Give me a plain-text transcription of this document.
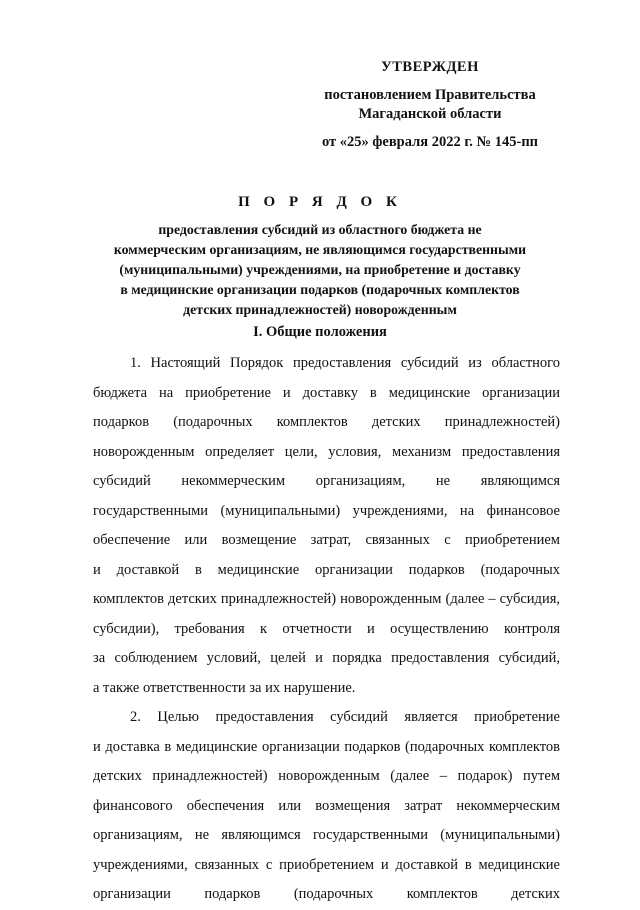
УТВЕРЖДЕН
постановлением Правительства
Магаданской области
от «25» февраля 2022 г. № 145-пп
П О Р Я Д О К
предоставления субсидий из областного бюджета не
коммерческим организациям, не являющимся государственными
(муниципальными) учреждениями, на приобретение и доставку
в медицинские организации подарков (подарочных комплектов
детских принадлежностей) новорожденным
I. Общие положения
1. Настоящий Порядок предоставления субсидий из областного
бюджета на приобретение и доставку в медицинские организации
подарков (подарочных комплектов детских принадлежностей)
новорожденным определяет цели, условия, механизм предоставления
субсидий некоммерческим организациям, не являющимся
государственными (муниципальными) учреждениями, на финансовое
обеспечение или возмещение затрат, связанных с приобретением
и доставкой в медицинские организации подарков (подарочных
комплектов детских принадлежностей) новорожденным (далее – субсидия,
субсидии), требования к отчетности и осуществлению контроля
за соблюдением условий, целей и порядка предоставления субсидий,
а также ответственности за их нарушение.
2. Целью предоставления субсидий является приобретение
и доставка в медицинские организации подарков (подарочных комплектов
детских принадлежностей) новорожденным (далее – подарок) путем
финансового обеспечения или возмещения затрат некоммерческим
организациям, не являющимся государственными (муниципальными)
учреждениями, связанных с приобретением и доставкой в медицинские
организации подарков (подарочных комплектов детских
